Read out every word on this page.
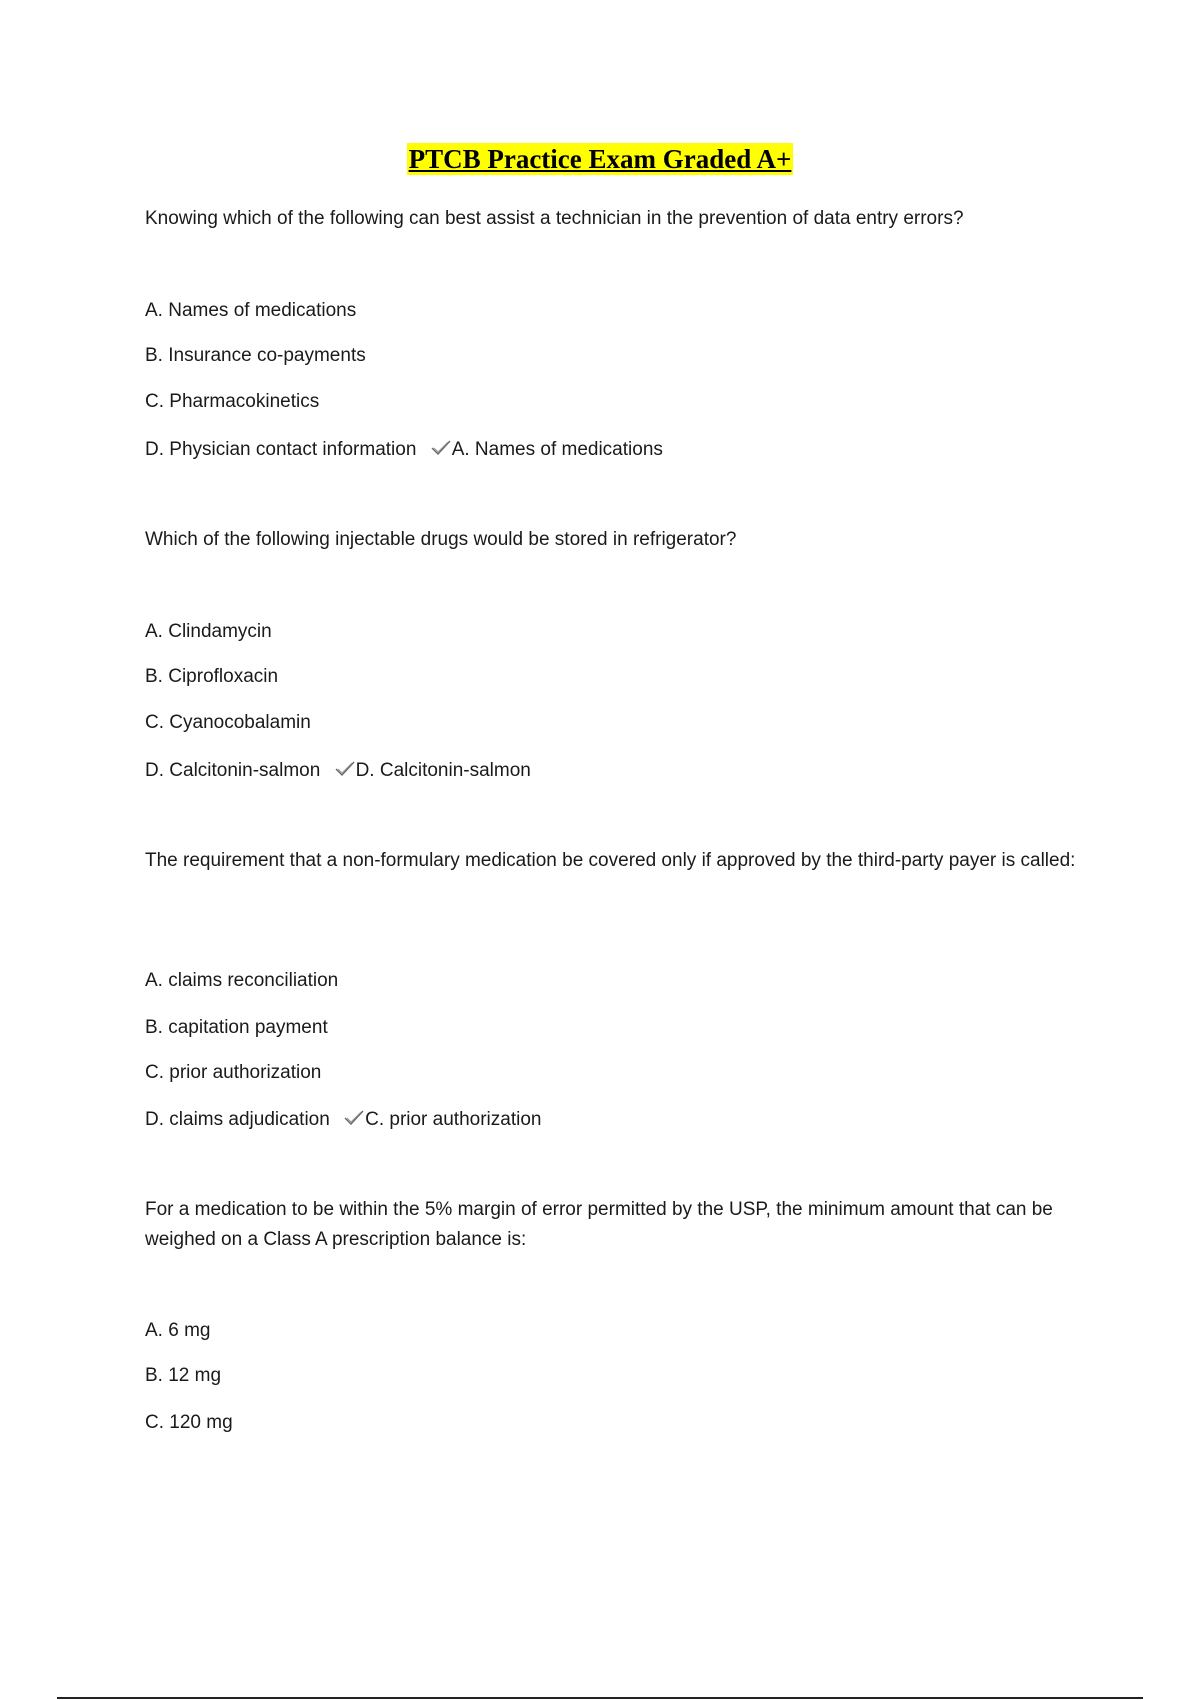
PTCB Practice Exam Graded A+

Knowing which of the following can best assist a technician in the prevention of data entry errors?

A. Names of medications
B. Insurance co-payments
C. Pharmacokinetics
D. Physician contact information A. Names of medications

Which of the following injectable drugs would be stored in refrigerator?

A. Clindamycin
B. Ciprofloxacin
C. Cyanocobalamin
D. Calcitonin-salmon D. Calcitonin-salmon

The requirement that a non-formulary medication be covered only if approved by the third-party payer is called:

A. claims reconciliation
B. capitation payment
C. prior authorization
D. claims adjudication C. prior authorization

For a medication to be within the 5% margin of error permitted by the USP, the minimum amount that can be weighed on a Class A prescription balance is:

A. 6 mg
B. 12 mg
C. 120 mg
